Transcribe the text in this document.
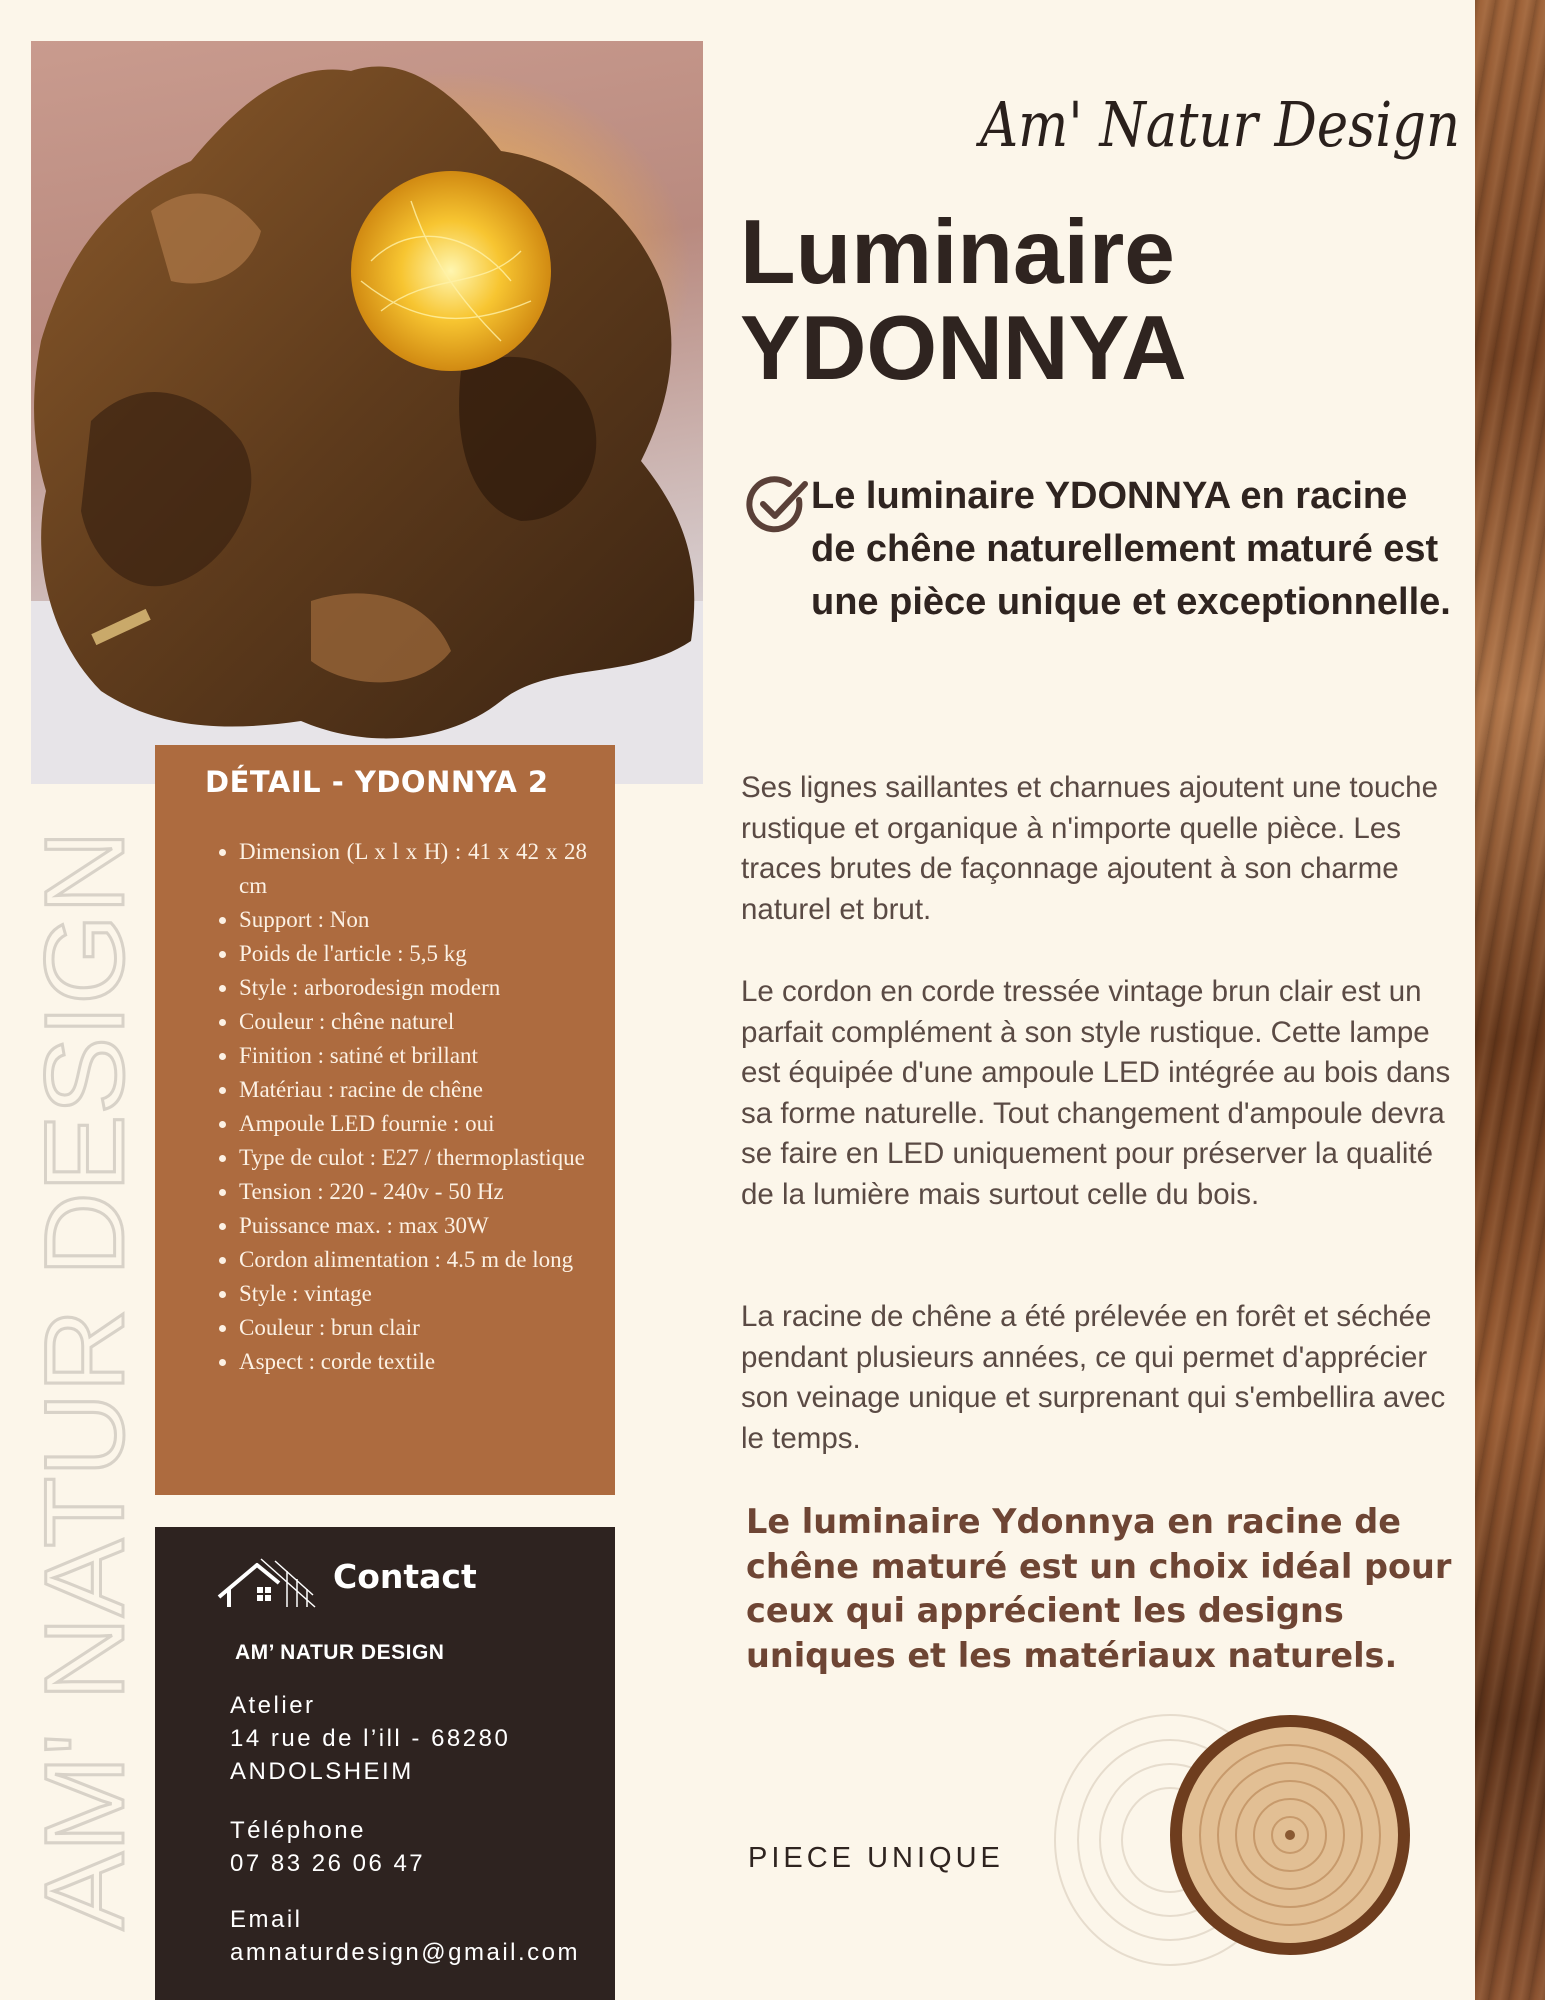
AM' NATUR DESIGN
Am' Natur Design
Luminaire
YDONNYA
Le luminaire YDONNYA en racine de chêne naturellement maturé est une pièce unique et exceptionnelle.

Ses lignes saillantes et charnues ajoutent une touche rustique et organique à n'importe quelle pièce. Les traces brutes de façonnage ajoutent à son charme naturel et brut.

Le cordon en corde tressée vintage brun clair est un parfait complément à son style rustique. Cette lampe est équipée d'une ampoule LED intégrée au bois dans sa forme naturelle. Tout changement d'ampoule devra se faire en LED uniquement pour préserver la qualité de la lumière mais surtout celle du bois.

La racine de chêne a été prélevée en forêt et séchée pendant plusieurs années, ce qui permet d'apprécier son veinage unique et surprenant qui s'embellira avec le temps.

Le luminaire Ydonnya en racine de chêne maturé est un choix idéal pour ceux qui apprécient les designs uniques et les matériaux naturels.

PIECE UNIQUE
DÉTAIL - YDONNYA 2
• Dimension (L x l x H) : 41 x 42 x 28 cm
• Support : Non
• Poids de l'article : 5,5 kg
• Style : arborodesign modern
• Couleur : chêne naturel
• Finition : satiné et brillant
• Matériau : racine de chêne
• Ampoule LED fournie : oui
• Type de culot : E27 / thermoplastique
• Tension : 220 - 240v - 50 Hz
• Puissance max. : max 30W
• Cordon alimentation : 4.5 m de long
• Style : vintage
• Couleur : brun clair
• Aspect : corde textile
Contact
AM’ NATUR DESIGN
Atelier
14 rue de l’ill - 68280
ANDOLSHEIM
Téléphone
07 83 26 06 47
Email
amnaturdesign@gmail.com
